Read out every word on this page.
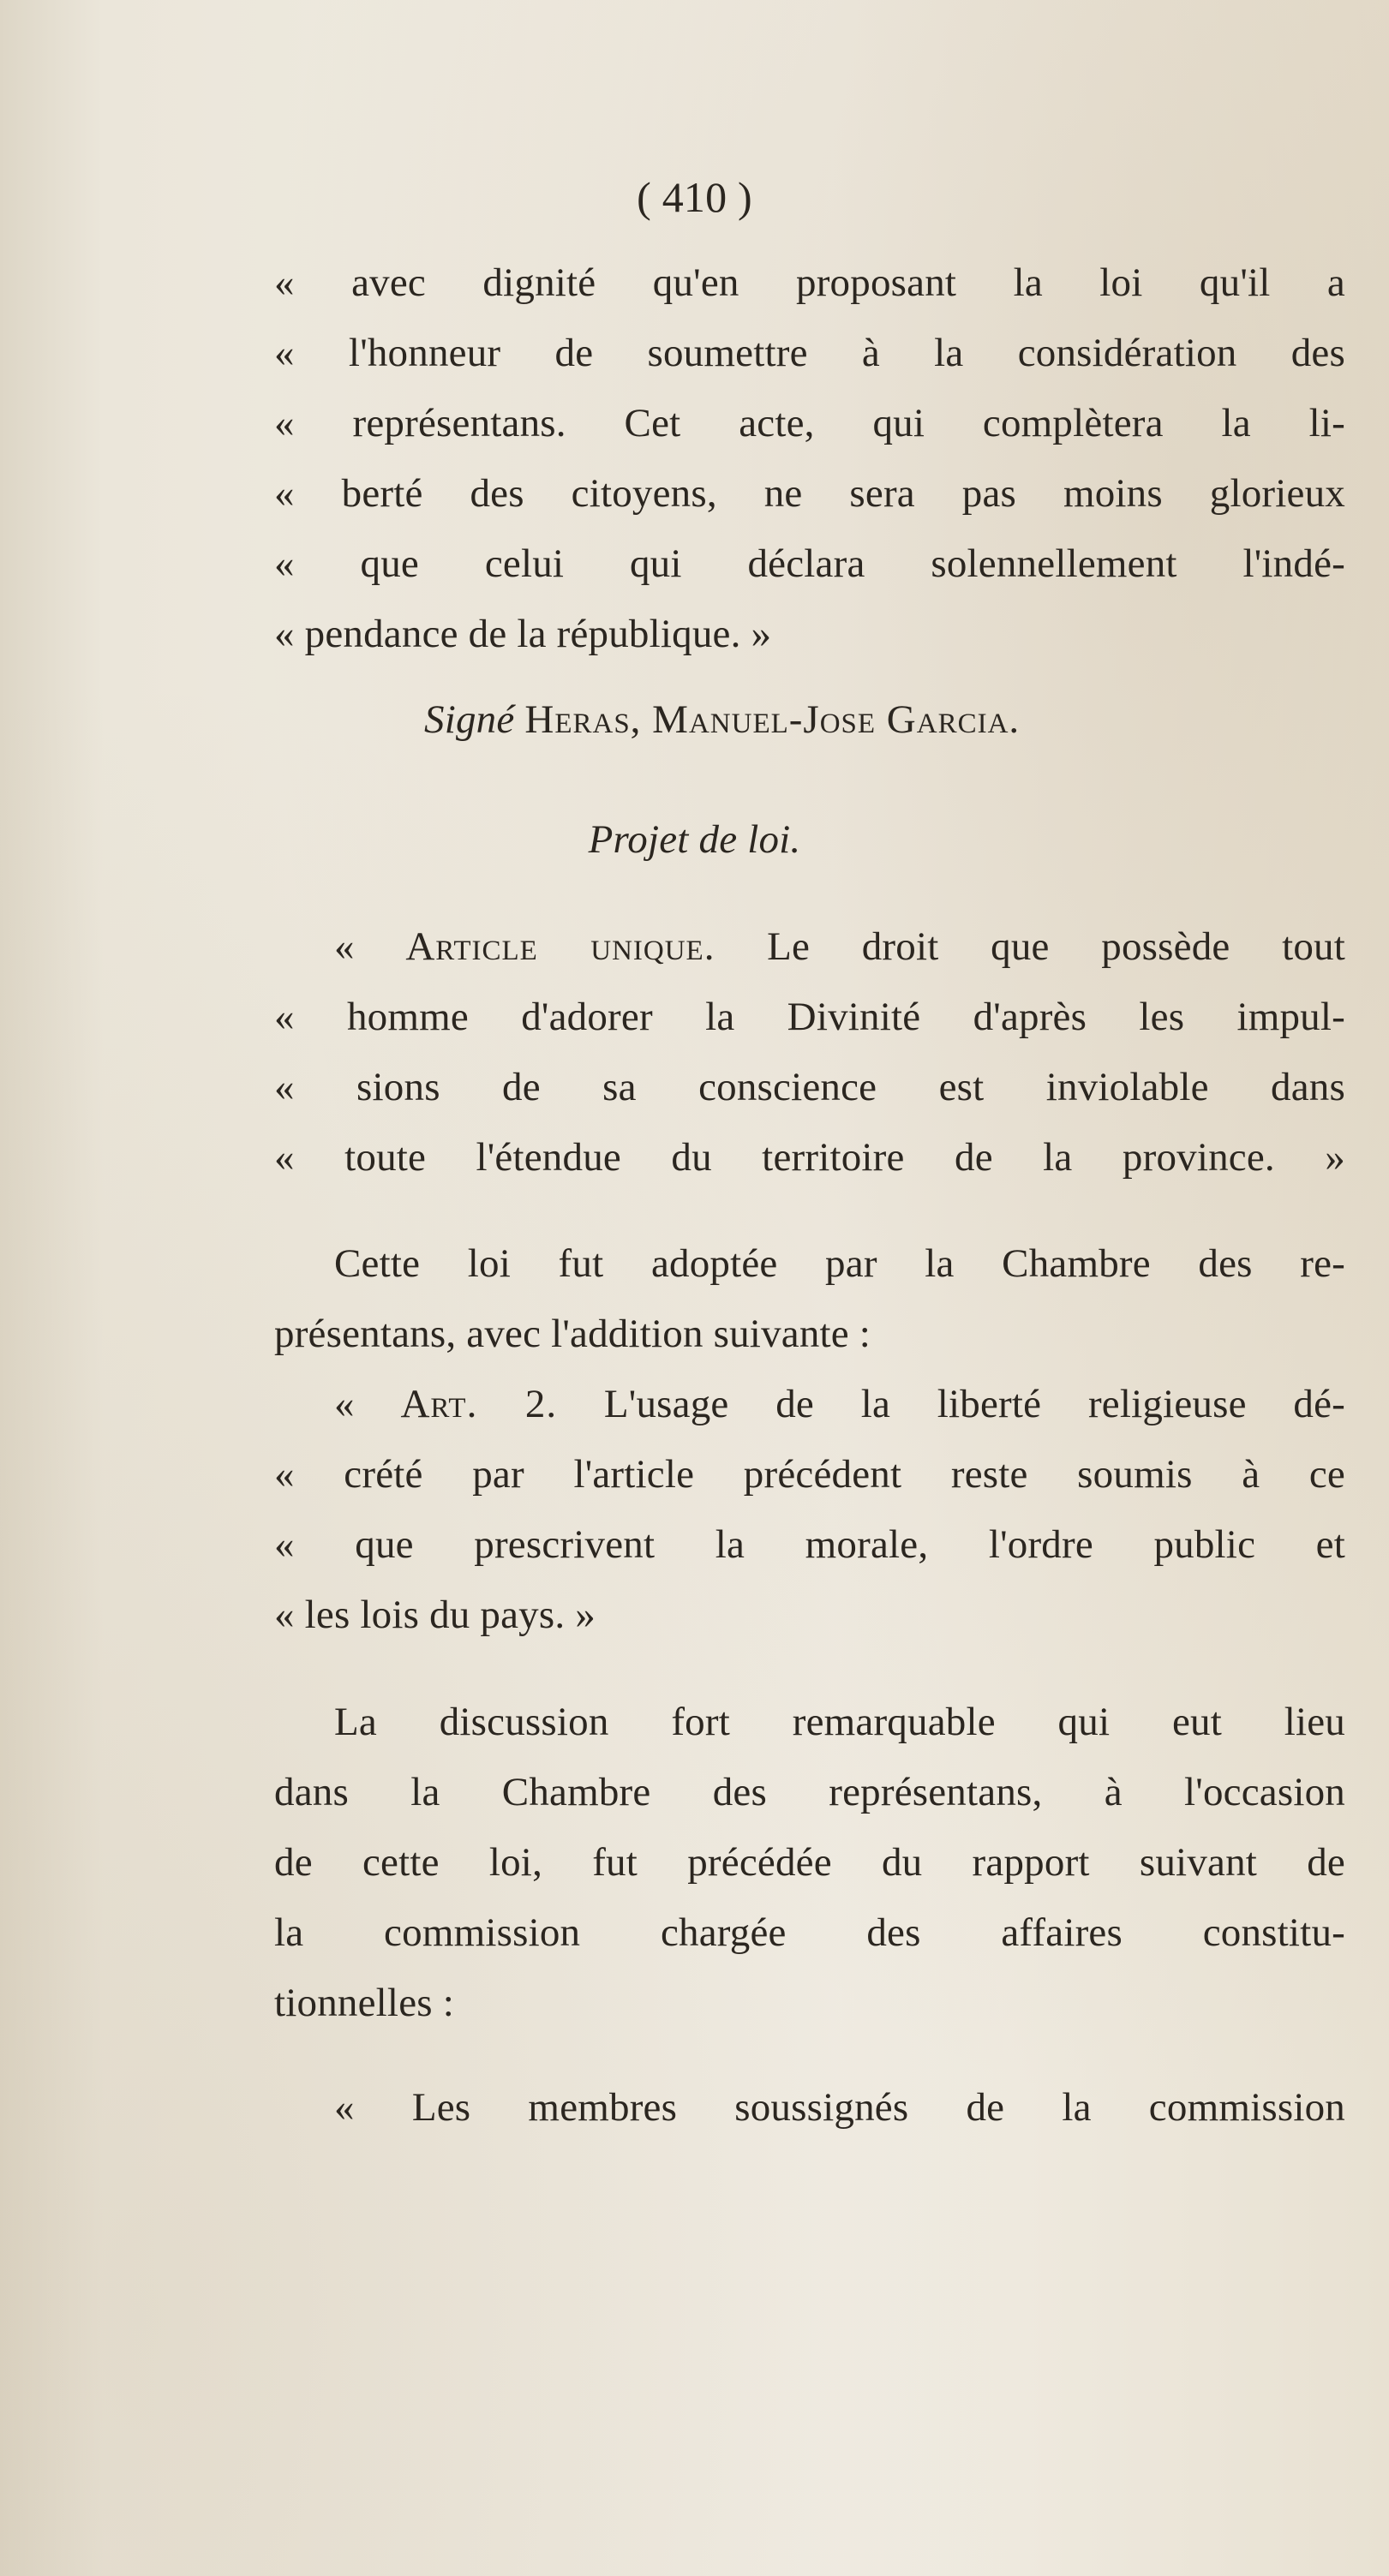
( 410 )
« avec dignité qu'en proposant la loi qu'il a
« l'honneur de soumettre à la considération des
« représentans. Cet acte, qui complètera la li-
« berté des citoyens, ne sera pas moins glorieux
« que celui qui déclara solennellement l'indé-
« pendance de la république. »
Signé Heras, Manuel-Jose Garcia.
Projet de loi.
« Article unique. Le droit que possède tout
« homme d'adorer la Divinité d'après les impul-
« sions de sa conscience est inviolable dans
« toute l'étendue du territoire de la province. »
Cette loi fut adoptée par la Chambre des re-
présentans, avec l'addition suivante :
« Art. 2. L'usage de la liberté religieuse dé-
« crété par l'article précédent reste soumis à ce
« que prescrivent la morale, l'ordre public et
« les lois du pays. »
La discussion fort remarquable qui eut lieu
dans la Chambre des représentans, à l'occasion
de cette loi, fut précédée du rapport suivant de
la commission chargée des affaires constitu-
tionnelles :
« Les membres soussignés de la commission
